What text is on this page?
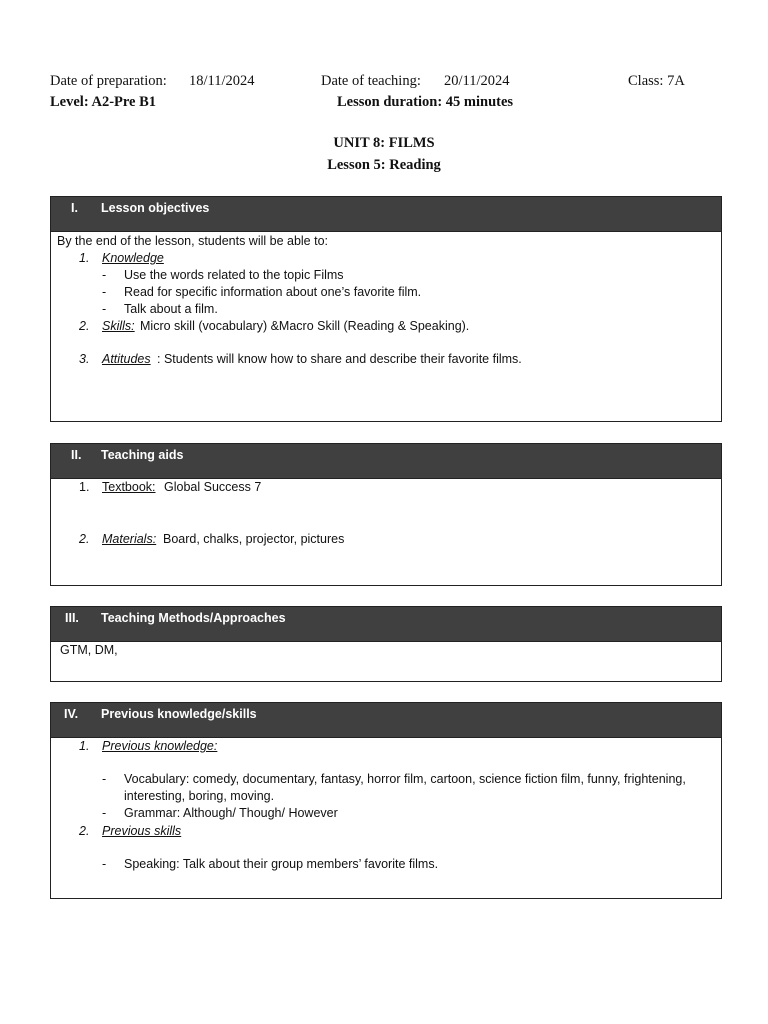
Date of preparation: 18/11/2024	Date of teaching: 20/11/2024	Class: 7A
Level: A2-Pre B1	Lesson duration: 45 minutes
UNIT 8: FILMS
Lesson 5: Reading
I. Lesson objectives
By the end of the lesson, students will be able to:
1. Knowledge
- Use the words related to the topic Films
- Read for specific information about one’s favorite film.
- Talk about a film.
2. Skills: Micro skill (vocabulary) &Macro Skill (Reading & Speaking).
3. Attitudes : Students will know how to share and describe their favorite films.
II. Teaching aids
1. Textbook: Global Success 7
2. Materials: Board, chalks, projector, pictures
III. Teaching Methods/Approaches
GTM, DM,
IV. Previous knowledge/skills
1. Previous knowledge:
- Vocabulary: comedy, documentary, fantasy, horror film, cartoon, science fiction film, funny, frightening,
interesting, boring, moving.
- Grammar: Although/ Though/ However
2. Previous skills
- Speaking: Talk about their group members’ favorite films.
